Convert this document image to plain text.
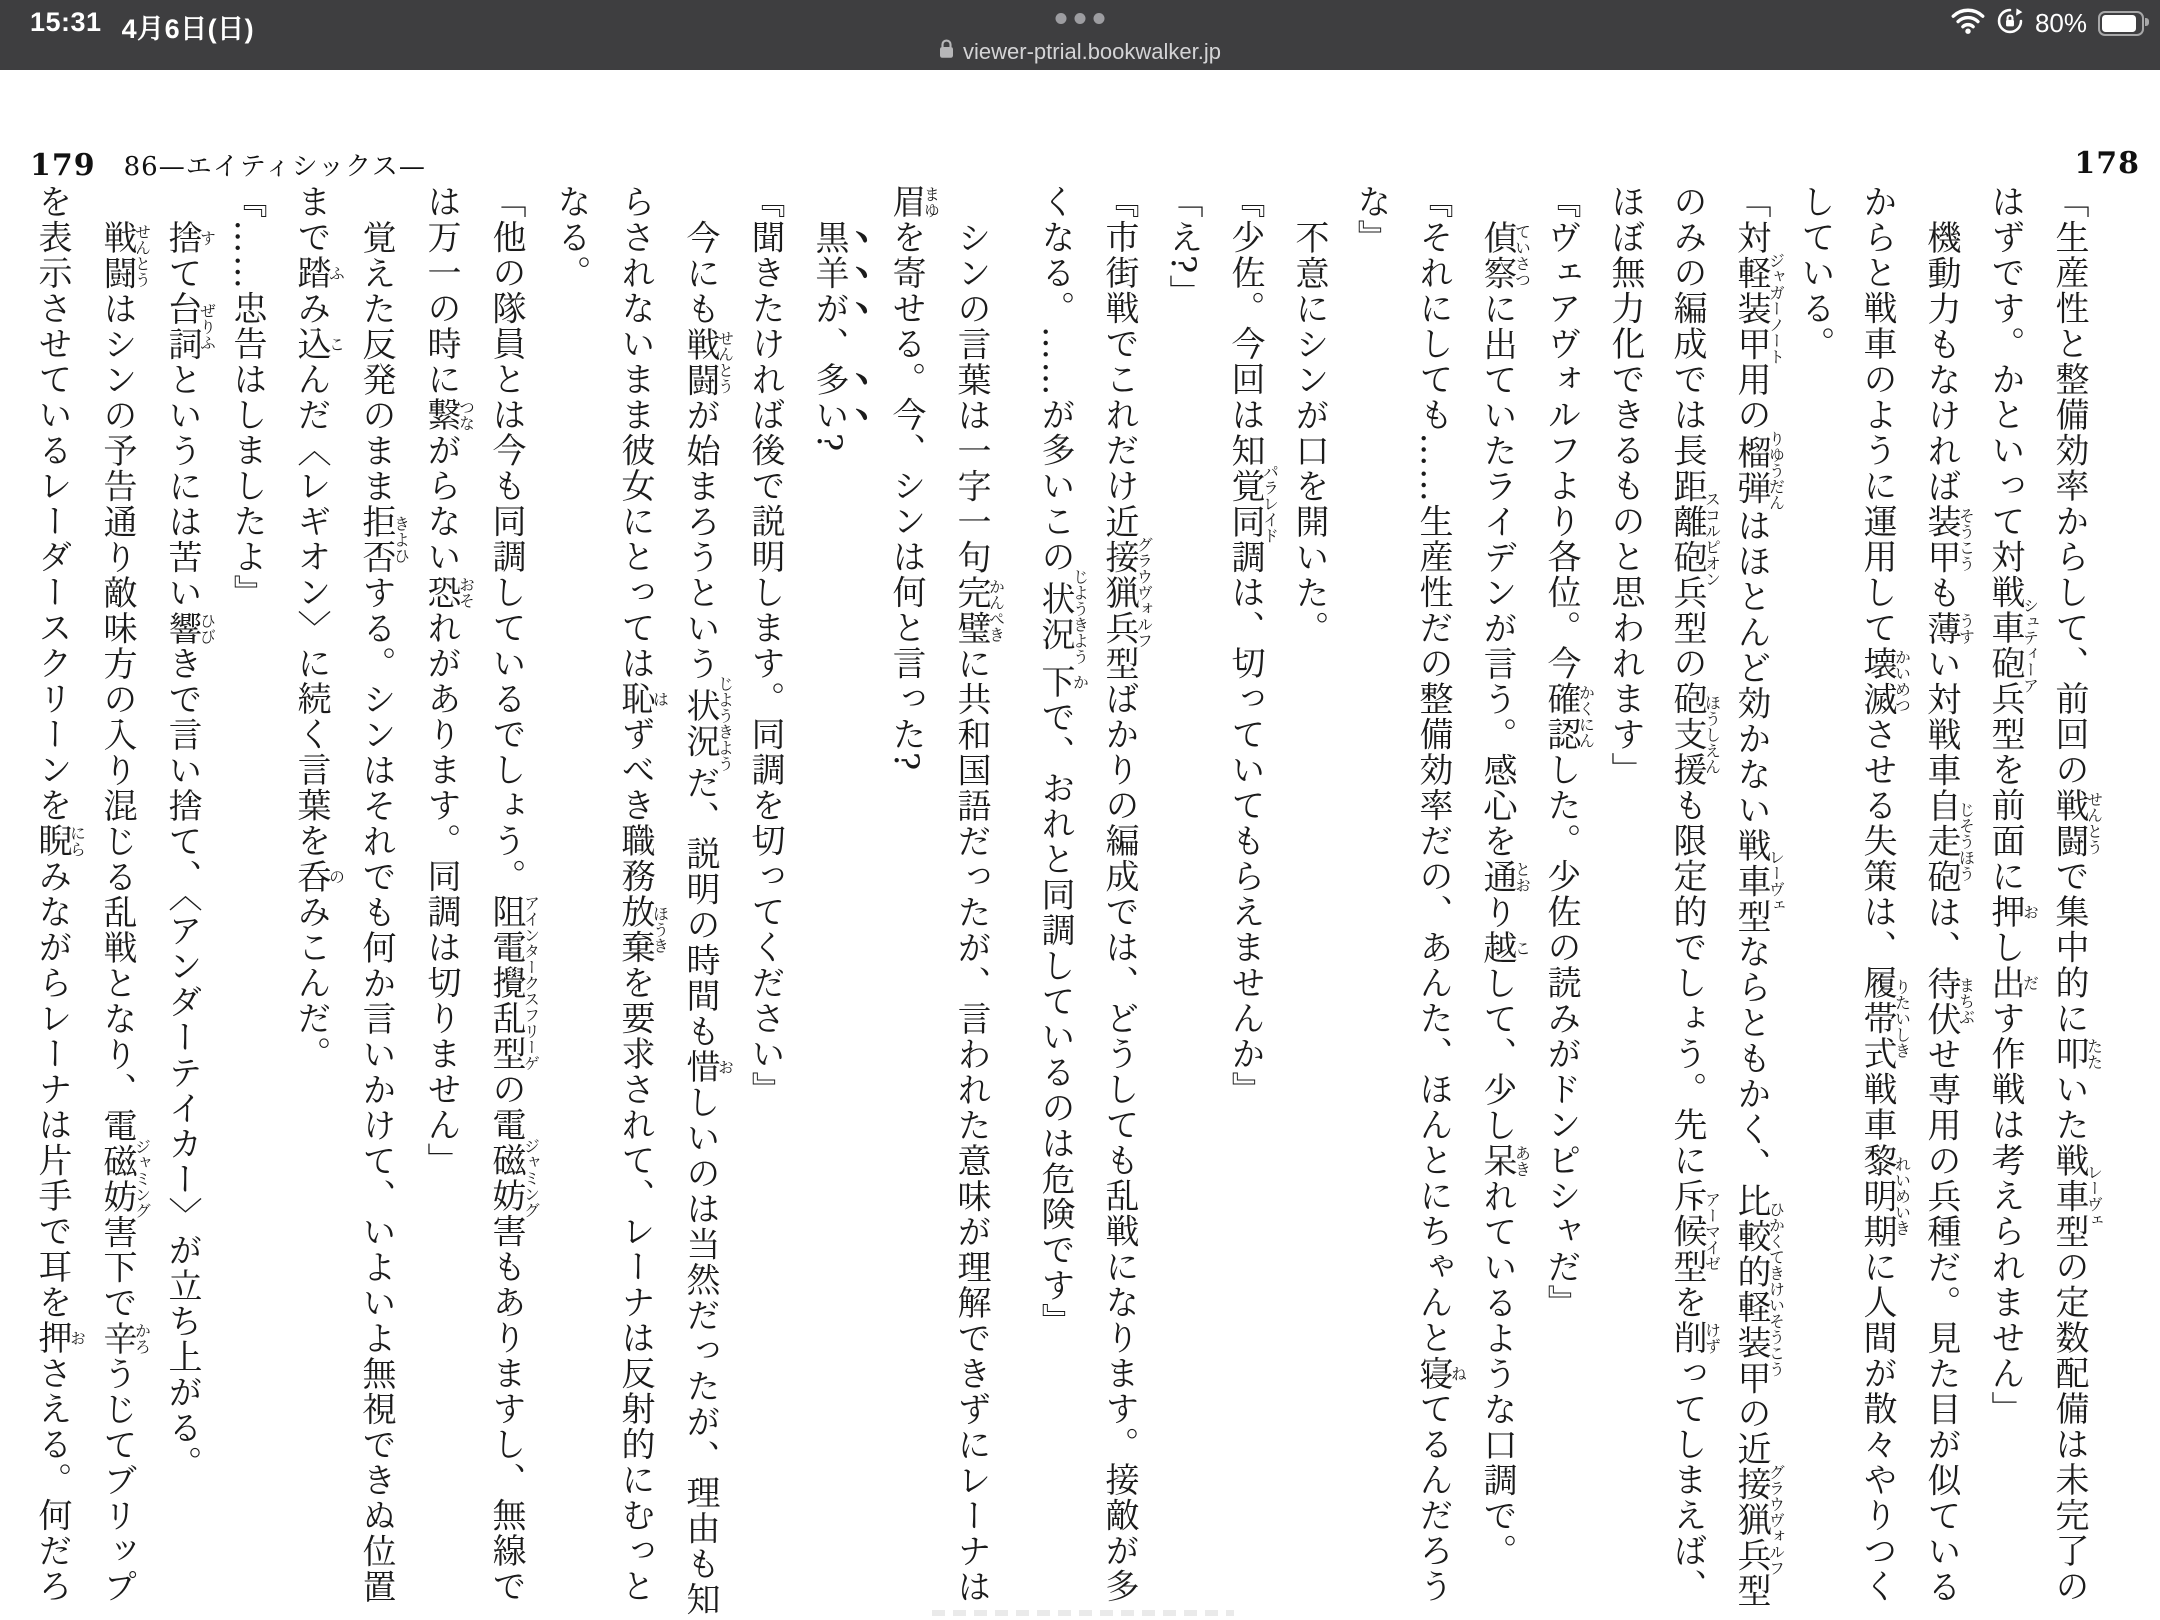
15:31 4月6日(日)	80%
viewer-ptrial.bookwalker.jp
179 86—エイティシックス—	178
「生産性と整備効率からして、前回の戦闘せんとうで集中的に叩たたいた戦車型レーヴェの定数配備は未完了の
はずです。かといって対戦車砲兵型シュティーアを前面に押おし出だす作戦は考えられません」
機動力もなければ装甲そうこうも薄うすい対戦車自走砲じそうほうは、待伏まちぶせ専用の兵種だ。見た目が似ている
からと戦車のように運用して壊滅かいめつさせる失策は、履帯式りたいしき戦車黎明期れいめいきに人間が散々やりつく
している。
「対軽装甲用ジャガーノートの榴弾りゆうだんはほとんど効かない戦車型レーヴェならともかく、比較的軽装甲ひかくてきけいそうこうの近接猟兵型グラウヴォルフ
のみの編成では長距離砲兵型スコルピオンの砲支援ほうしえんも限定的でしょう。先に斥候型アーマイゼを削けずってしまえば、
ほぼ無力化できるものと思われます」
『ヴェアヴォルフより各位。今確認かくにんした。少佐の読みがドンピシャだ』
偵察ていさつに出ていたライデンが言う。感心を通とおり越こして、少し呆あきれているような口調で。
『それにしても……生産性だの整備効率だの、あんた、ほんとにちゃんと寝ねてるんだろう
な』
不意にシンが口を開いた。
『少佐。今回は知覚同調パラレイドは、切っていてもらえませんか』
「え?」
『市街戦でこれだけ近接猟兵型グラウヴォルフばかりの編成では、どうしても乱戦になります。接敵が多
くなる。……が多いこの状況じようきよう下かで、おれと同調しているのは危険です』
シンの言葉は一字一句完璧かんぺきに共和国語だったが、言われた意味が理解できずにレーナは
眉まゆを寄せる。今、シンは何と言った?
黒羊が、多い?
『聞きたければ後で説明します。同調を切ってください』
今にも戦闘せんとうが始まろうという状況じようきようだ、説明の時間も惜おしいのは当然だったが、理由も知
らされないまま彼女にとっては恥はずべき職務放棄ほうきを要求されて、レーナは反射的にむっと
なる。
「他の隊員とは今も同調しているでしょう。阻電攪乱型アインタークスフリーゲの電磁妨害ジャミングもありますし、無線で
は万一の時に繋つながらない恐おそれがあります。同調は切りません」
覚えた反発のまま拒否きよひする。シンはそれでも何か言いかけて、いよいよ無視できぬ位置
まで踏ふみ込こんだ〈レギオン〉に続く言葉を呑のみこんだ。
『……忠告はしましたよ』
捨すて台詞ぜりふというには苦い響ひびきで言い捨て、〈アンダーテイカー〉が立ち上がる。
戦闘せんとうはシンの予告通り敵味方の入り混じる乱戦となり、電磁妨害ジャミング下で辛かろうじてブリップ
を表示させているレーダースクリーンを睨にらみながらレーナは片手で耳を押おさえる。何だろ
